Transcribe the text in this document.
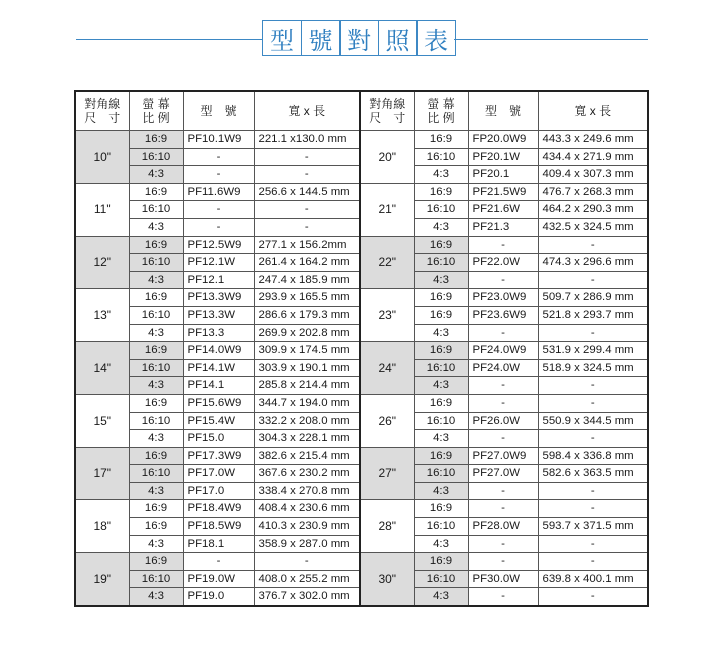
型 號 對 照 表
對角線
尺　寸	螢 幕
比 例	型　號	寬 x 長	對角線
尺　寸	螢 幕
比 例	型　號	寬 x 長
10"	16:9	PF10.1W9	221.1 x130.0 mm	20"	16:9	FP20.0W9	443.3 x 249.6 mm
	16:10	-	-		16:10	PF20.1W	434.4 x 271.9 mm
	4:3	-	-		4:3	PF20.1	409.4 x 307.3 mm
11"	16:9	PF11.6W9	256.6 x 144.5 mm	21"	16:9	PF21.5W9	476.7 x 268.3 mm
	16:10	-	-		16:10	PF21.6W	464.2 x 290.3 mm
	4:3	-	-		4:3	PF21.3	432.5 x 324.5 mm
12"	16:9	PF12.5W9	277.1 x 156.2mm	22"	16:9	-	-
	16:10	PF12.1W	261.4 x 164.2 mm		16:10	PF22.0W	474.3 x 296.6 mm
	4:3	PF12.1	247.4 x 185.9 mm		4:3	-	-
13"	16:9	PF13.3W9	293.9 x 165.5 mm	23"	16:9	PF23.0W9	509.7 x 286.9 mm
	16:10	PF13.3W	286.6 x 179.3 mm		16:9	PF23.6W9	521.8 x 293.7 mm
	4:3	PF13.3	269.9 x 202.8 mm		4:3	-	-
14"	16:9	PF14.0W9	309.9 x 174.5 mm	24"	16:9	PF24.0W9	531.9 x 299.4 mm
	16:10	PF14.1W	303.9 x 190.1 mm		16:10	PF24.0W	518.9 x 324.5 mm
	4:3	PF14.1	285.8 x 214.4 mm		4:3	-	-
15"	16:9	PF15.6W9	344.7 x 194.0 mm	26"	16:9	-	-
	16:10	PF15.4W	332.2 x 208.0 mm		16:10	PF26.0W	550.9 x 344.5 mm
	4:3	PF15.0	304.3 x 228.1 mm		4:3	-	-
17"	16:9	PF17.3W9	382.6 x 215.4 mm	27"	16:9	PF27.0W9	598.4 x 336.8 mm
	16:10	PF17.0W	367.6 x 230.2 mm		16:10	PF27.0W	582.6 x 363.5 mm
	4:3	PF17.0	338.4 x 270.8 mm		4:3	-	-
18"	16:9	PF18.4W9	408.4 x 230.6 mm	28"	16:9	-	-
	16:9	PF18.5W9	410.3 x 230.9 mm		16:10	PF28.0W	593.7 x 371.5 mm
	4:3	PF18.1	358.9 x 287.0 mm		4:3	-	-
19"	16:9	-	-	30"	16:9	-	-
	16:10	PF19.0W	408.0 x 255.2 mm		16:10	PF30.0W	639.8 x 400.1 mm
	4:3	PF19.0	376.7 x 302.0 mm		4:3	-	-
